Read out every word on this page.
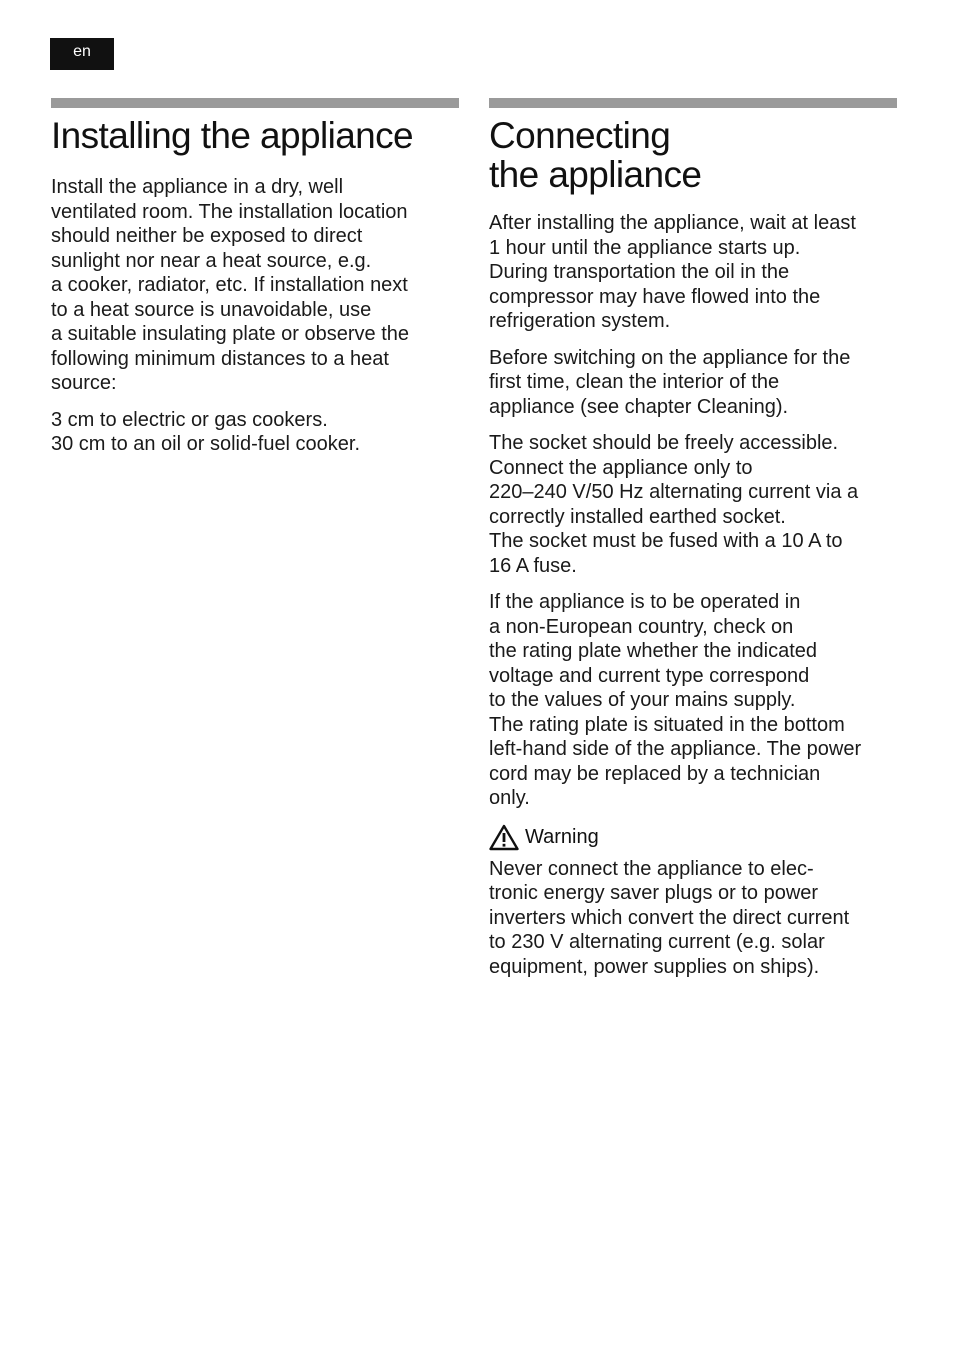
en
Installing the appliance

Install the appliance in a dry, well
ventilated room. The installation location
should neither be exposed to direct
sunlight nor near a heat source, e.g.
a cooker, radiator, etc. If installation next
to a heat source is unavoidable, use
a suitable insulating plate or observe the
following minimum distances to a heat
source:

3 cm to electric or gas cookers.
30 cm to an oil or solid-fuel cooker.

Connecting
the appliance

After installing the appliance, wait at least
1 hour until the appliance starts up.
During transportation the oil in the
compressor may have flowed into the
refrigeration system.

Before switching on the appliance for the
first time, clean the interior of the
appliance (see chapter Cleaning).

The socket should be freely accessible.
Connect the appliance only to
220–240 V/50 Hz alternating current via a
correctly installed earthed socket.
The socket must be fused with a 10 A to
16 A fuse.

If the appliance is to be operated in
a non-European country, check on
the rating plate whether the indicated
voltage and current type correspond
to the values of your mains supply.
The rating plate is situated in the bottom
left-hand side of the appliance. The power
cord may be replaced by a technician
only.

Warning

Never connect the appliance to elec-
tronic energy saver plugs or to power
inverters which convert the direct current
to 230 V alternating current (e.g. solar
equipment, power supplies on ships).
